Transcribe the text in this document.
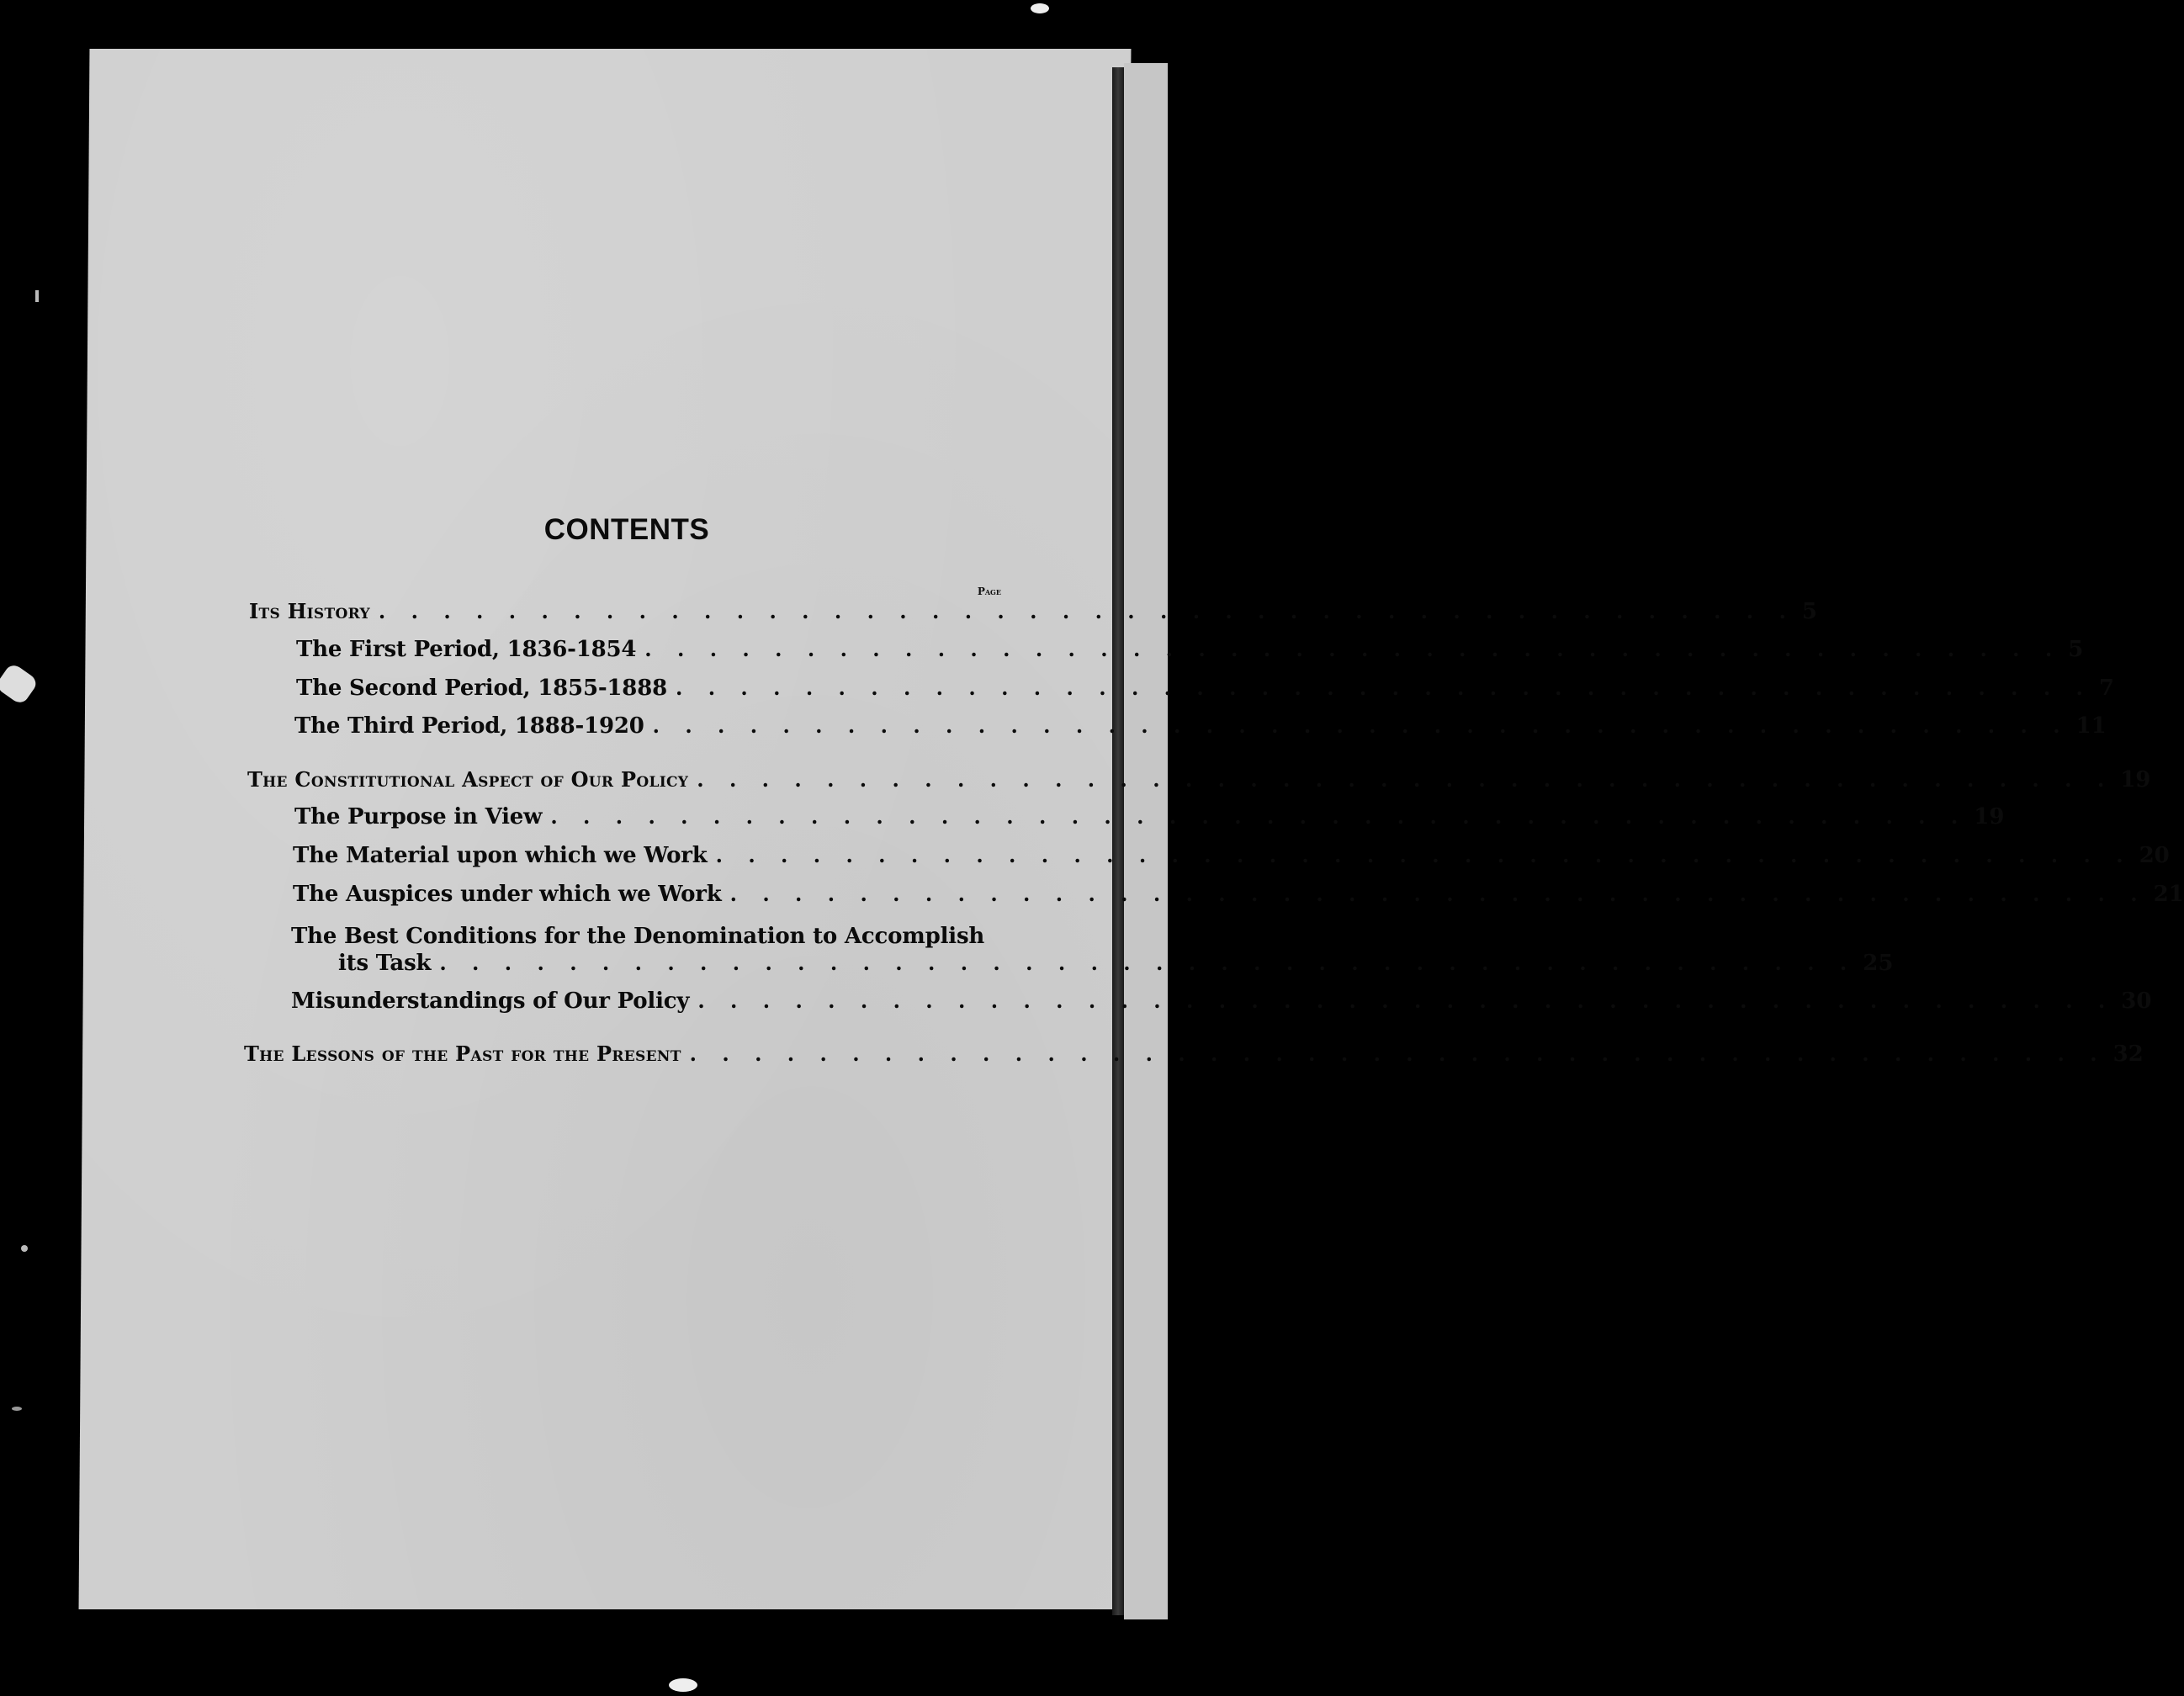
CONTENTS
Page
Its History . . . . . . . . . . . . . . . . . . . . . . . . . . . . . . . . . . . . . . . . . . . . 5
The First Period, 1836-1854 . . . . . . . . . . . . . . . . . . . . . . . . . . . . . . . . . . . . . . . . . . . . 5
The Second Period, 1855-1888 . . . . . . . . . . . . . . . . . . . . . . . . . . . . . . . . . . . . . . . . . . . . 7
The Third Period, 1888-1920 . . . . . . . . . . . . . . . . . . . . . . . . . . . . . . . . . . . . . . . . . . . . 11
The Constitutional Aspect of Our Policy . . . . . . . . . . . . . . . . . . . . . . . . . . . . . . . . . . . . . . . . . . . . 19
The Purpose in View . . . . . . . . . . . . . . . . . . . . . . . . . . . . . . . . . . . . . . . . . . . . 19
The Material upon which we Work . . . . . . . . . . . . . . . . . . . . . . . . . . . . . . . . . . . . . . . . . . . . 20
The Auspices under which we Work . . . . . . . . . . . . . . . . . . . . . . . . . . . . . . . . . . . . . . . . . . . . 21
The Best Conditions for the Denomination to Accomplish
its Task . . . . . . . . . . . . . . . . . . . . . . . . . . . . . . . . . . . . . . . . . . . . 25
Misunderstandings of Our Policy . . . . . . . . . . . . . . . . . . . . . . . . . . . . . . . . . . . . . . . . . . . . 30
The Lessons of the Past for the Present . . . . . . . . . . . . . . . . . . . . . . . . . . . . . . . . . . . . . . . . . . . . 32
